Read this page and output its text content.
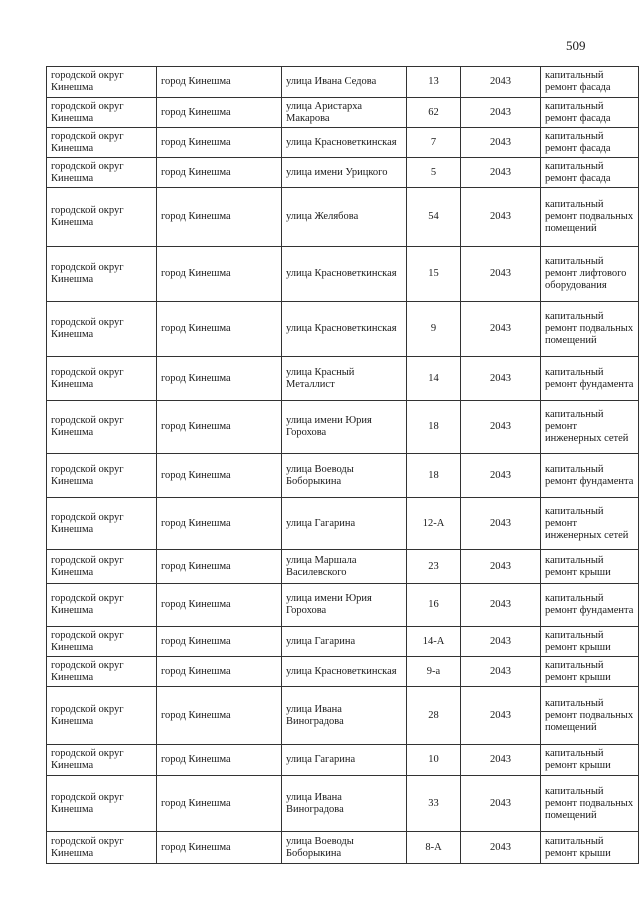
509
городской округ Кинешма	город Кинешма	улица Ивана Седова	13	2043	капитальный ремонт фасада
городской округ Кинешма	город Кинешма	улица Аристарха Макарова	62	2043	капитальный ремонт фасада
городской округ Кинешма	город Кинешма	улица Красноветкинская	7	2043	капитальный ремонт фасада
городской округ Кинешма	город Кинешма	улица имени Урицкого	5	2043	капитальный ремонт фасада
городской округ Кинешма	город Кинешма	улица Желябова	54	2043	капитальный ремонт подвальных помещений
городской округ Кинешма	город Кинешма	улица Красноветкинская	15	2043	капитальный ремонт лифтового оборудования
городской округ Кинешма	город Кинешма	улица Красноветкинская	9	2043	капитальный ремонт подвальных помещений
городской округ Кинешма	город Кинешма	улица Красный Металлист	14	2043	капитальный ремонт фундамента
городской округ Кинешма	город Кинешма	улица имени Юрия Горохова	18	2043	капитальный ремонт инженерных сетей
городской округ Кинешма	город Кинешма	улица Воеводы Боборыкина	18	2043	капитальный ремонт фундамента
городской округ Кинешма	город Кинешма	улица Гагарина	12-А	2043	капитальный ремонт инженерных сетей
городской округ Кинешма	город Кинешма	улица Маршала Василевского	23	2043	капитальный ремонт крыши
городской округ Кинешма	город Кинешма	улица имени Юрия Горохова	16	2043	капитальный ремонт фундамента
городской округ Кинешма	город Кинешма	улица Гагарина	14-А	2043	капитальный ремонт крыши
городской округ Кинешма	город Кинешма	улица Красноветкинская	9-а	2043	капитальный ремонт крыши
городской округ Кинешма	город Кинешма	улица Ивана Виноградова	28	2043	капитальный ремонт подвальных помещений
городской округ Кинешма	город Кинешма	улица Гагарина	10	2043	капитальный ремонт крыши
городской округ Кинешма	город Кинешма	улица Ивана Виноградова	33	2043	капитальный ремонт подвальных помещений
городской округ Кинешма	город Кинешма	улица Воеводы Боборыкина	8-А	2043	капитальный ремонт крыши
